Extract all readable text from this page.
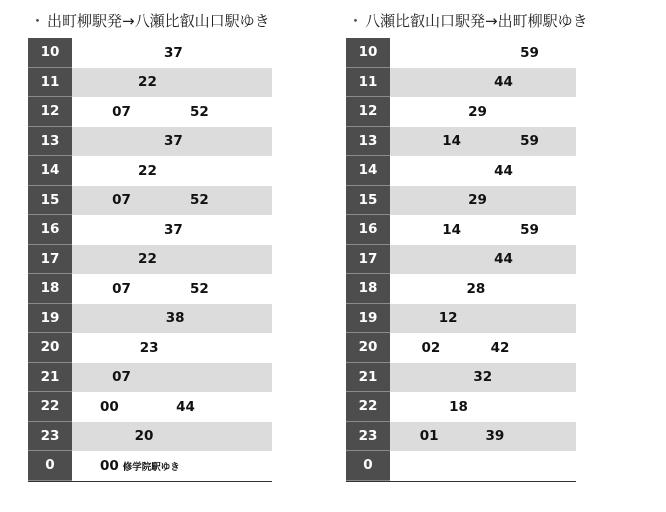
・ 出町柳駅発→八瀬比叡山口駅ゆき
10	37
11	22
12	07	52
13	37
14	22
15	07	52
16	37
17	22
18	07	52
19	38
20	23
21	07
22	00	44
23	20
0	00 修学院駅ゆき
・ 八瀬比叡山口駅発→出町柳駅ゆき
10	59
11	44
12	29
13	14	59
14	44
15	29
16	14	59
17	44
18	28
19	12
20	02	42
21	32
22	18
23	01	39
0
